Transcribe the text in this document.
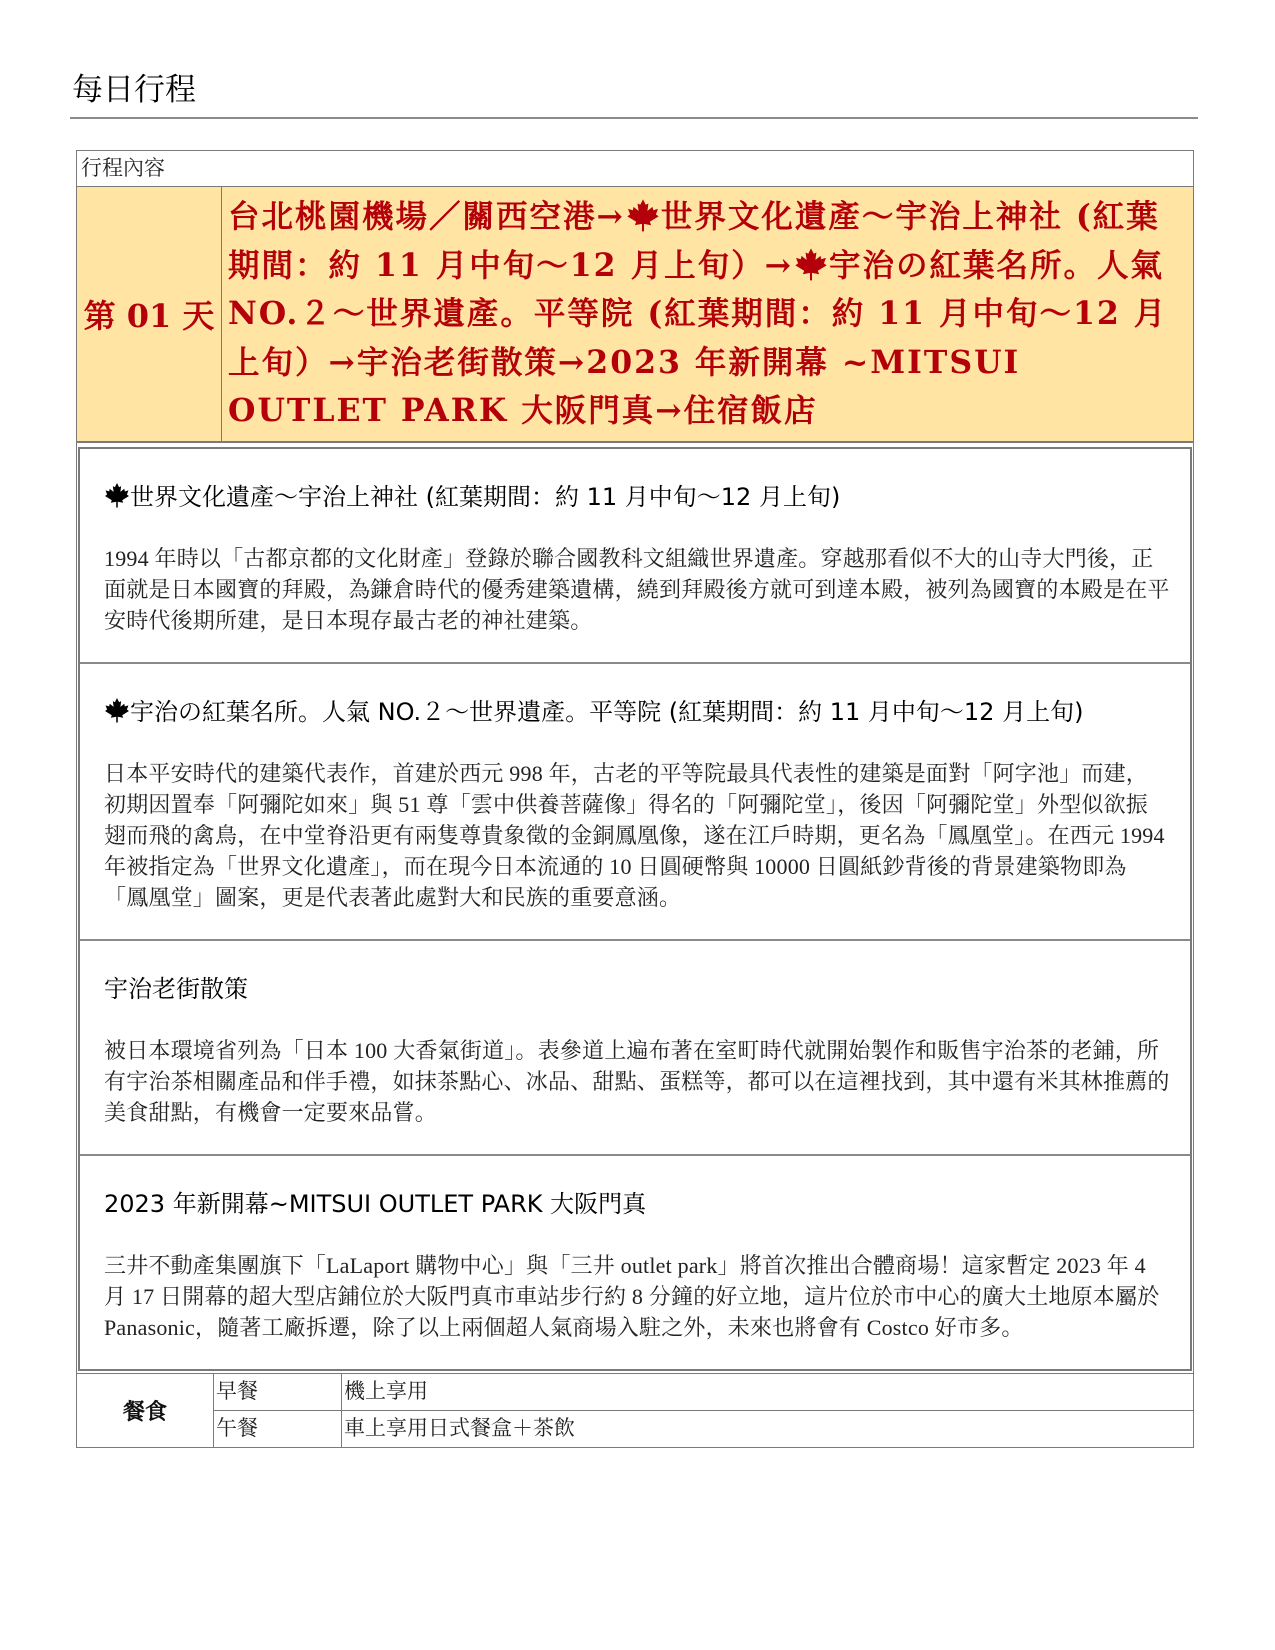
每日行程
行程內容
第 01 天
台北桃園機場／關西空港→ 世界文化遺產～宇治上神社 (紅葉期間：約 11 月中旬～12 月上旬）→ 宇治の紅葉名所。人氣 NO.２～世界遺產。平等院 (紅葉期間：約 11 月中旬～12 月上旬）→宇治老街散策→2023 年新開幕 ~MITSUI OUTLET PARK 大阪門真→住宿飯店
世界文化遺產～宇治上神社 (紅葉期間：約 11 月中旬～12 月上旬)
1994 年時以「古都京都的文化財產」登錄於聯合國教科文組織世界遺產。穿越那看似不大的山寺大門後，正面就是日本國寶的拜殿，為鎌倉時代的優秀建築遺構，繞到拜殿後方就可到達本殿，被列為國寶的本殿是在平安時代後期所建，是日本現存最古老的神社建築。
宇治の紅葉名所。人氣 NO.２～世界遺產。平等院 (紅葉期間：約 11 月中旬～12 月上旬)
日本平安時代的建築代表作，首建於西元 998 年，古老的平等院最具代表性的建築是面對「阿字池」而建，初期因置奉「阿彌陀如來」與 51 尊「雲中供養菩薩像」得名的「阿彌陀堂」，後因「阿彌陀堂」外型似欲振翅而飛的禽鳥，在中堂脊沿更有兩隻尊貴象徵的金銅鳳凰像，遂在江戶時期，更名為「鳳凰堂」。在西元 1994 年被指定為「世界文化遺產」，而在現今日本流通的 10 日圓硬幣與 10000 日圓紙鈔背後的背景建築物即為「鳳凰堂」圖案，更是代表著此處對大和民族的重要意涵。
宇治老街散策
被日本環境省列為「日本 100 大香氣街道」。表參道上遍布著在室町時代就開始製作和販售宇治茶的老鋪，所有宇治茶相關產品和伴手禮，如抹茶點心、冰品、甜點、蛋糕等，都可以在這裡找到，其中還有米其林推薦的美食甜點，有機會一定要來品嘗。
2023 年新開幕~MITSUI OUTLET PARK 大阪門真
三井不動產集團旗下「LaLaport 購物中心」與「三井 outlet park」將首次推出合體商場！這家暫定 2023 年 4 月 17 日開幕的超大型店鋪位於大阪門真市車站步行約 8 分鐘的好立地，這片位於市中心的廣大土地原本屬於 Panasonic，隨著工廠拆遷，除了以上兩個超人氣商場入駐之外，未來也將會有 Costco 好市多。
餐食
早餐	機上享用
午餐	車上享用日式餐盒＋茶飲
